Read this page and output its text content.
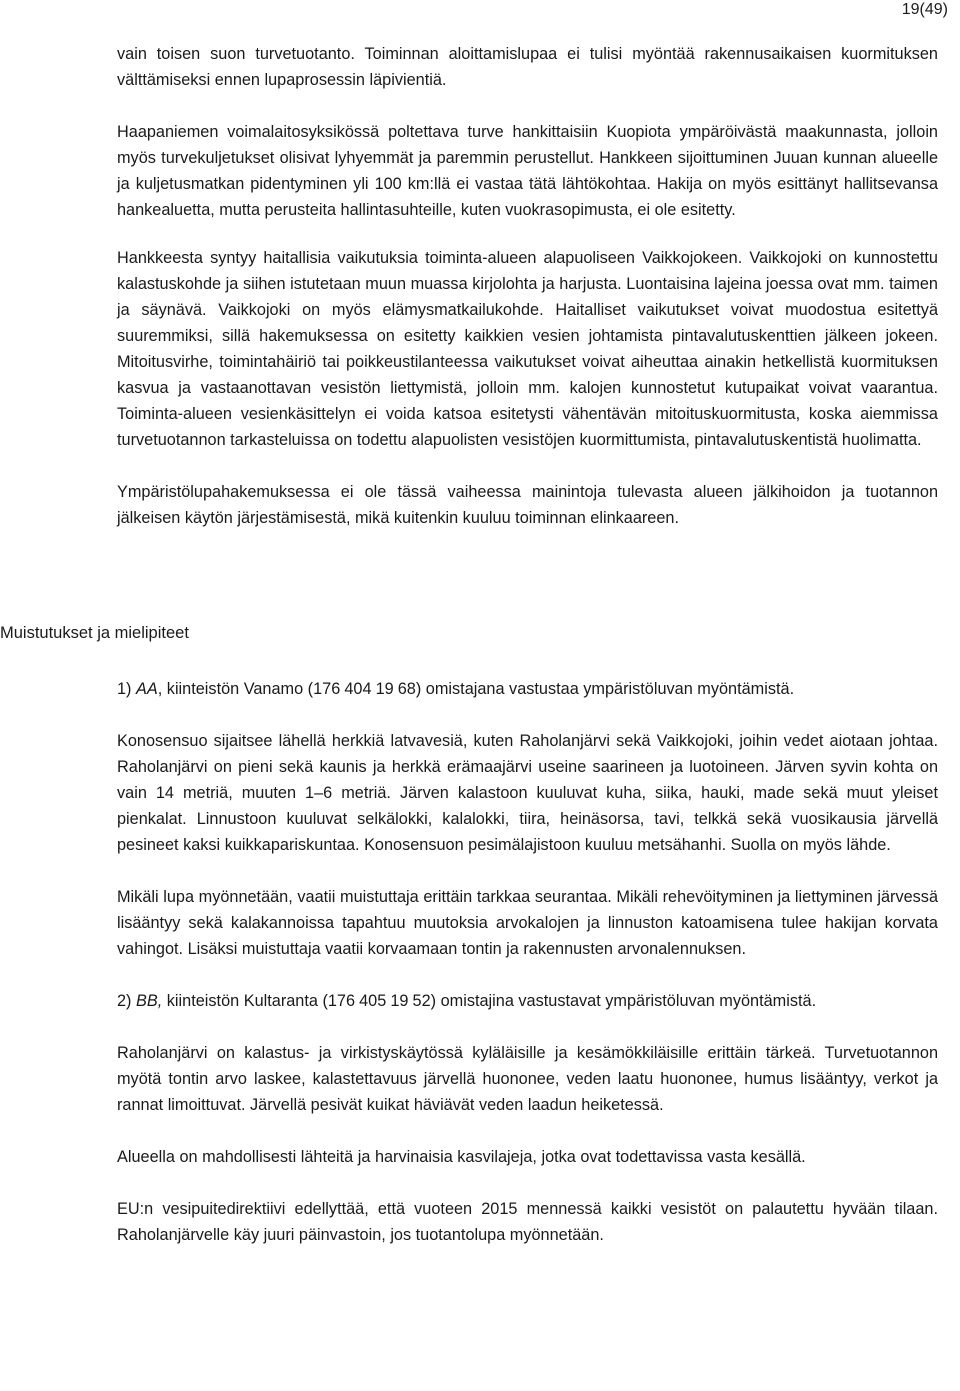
19(49)

vain toisen suon turvetuotanto. Toiminnan aloittamislupaa ei tulisi myöntää rakennusaikaisen kuormituksen välttämiseksi ennen lupaprosessin läpivientiä.

Haapaniemen voimalaitosyksikössä poltettava turve hankittaisiin Kuopiota ympäröivästä maakunnasta, jolloin myös turvekuljetukset olisivat lyhyemmät ja paremmin perustellut. Hankkeen sijoittuminen Juuan kunnan alueelle ja kuljetusmatkan pidentyminen yli 100 km:llä ei vastaa tätä lähtökohtaa. Hakija on myös esittänyt hallitsevansa hankealuetta, mutta perusteita hallintasuhteille, kuten vuokrasopimusta, ei ole esitetty.

Hankkeesta syntyy haitallisia vaikutuksia toiminta-alueen alapuoliseen Vaikkojokeen. Vaikkojoki on kunnostettu kalastuskohde ja siihen istutetaan muun muassa kirjolohta ja harjusta. Luontaisina lajeina joessa ovat mm. taimen ja säynävä. Vaikkojoki on myös elämysmatkailukohde. Haitalliset vaikutukset voivat muodostua esitettyä suuremmiksi, sillä hakemuksessa on esitetty kaikkien vesien johtamista pintavalutuskenttien jälkeen jokeen. Mitoitusvirhe, toimintahäiriö tai poikkeustilanteessa vaikutukset voivat aiheuttaa ainakin hetkellistä kuormituksen kasvua ja vastaanottavan vesistön liettymistä, jolloin mm. kalojen kunnostetut kutupaikat voivat vaarantua. Toiminta-alueen vesienkäsittelyn ei voida katsoa esitetysti vähentävän mitoituskuormitusta, koska aiemmissa turvetuotannon tarkasteluissa on todettu alapuolisten vesistöjen kuormittumista, pintavalutuskentistä huolimatta.

Ympäristölupahakemuksessa ei ole tässä vaiheessa mainintoja tulevasta alueen jälkihoidon ja tuotannon jälkeisen käytön järjestämisestä, mikä kuitenkin kuuluu toiminnan elinkaareen.

Muistutukset ja mielipiteet

1) AA, kiinteistön Vanamo (176 404 19 68) omistajana vastustaa ympäristöluvan myöntämistä.

Konosensuo sijaitsee lähellä herkkiä latvavesiä, kuten Raholanjärvi sekä Vaikkojoki, joihin vedet aiotaan johtaa. Raholanjärvi on pieni sekä kaunis ja herkkä erämaajärvi useine saarineen ja luotoineen. Järven syvin kohta on vain 14 metriä, muuten 1–6 metriä. Järven kalastoon kuuluvat kuha, siika, hauki, made sekä muut yleiset pienkalat. Linnustoon kuuluvat selkälokki, kalalokki, tiira, heinäsorsa, tavi, telkkä sekä vuosikausia järvellä pesineet kaksi kuikkapariskuntaa. Konosensuon pesimälajistoon kuuluu metsähanhi. Suolla on myös lähde.

Mikäli lupa myönnetään, vaatii muistuttaja erittäin tarkkaa seurantaa. Mikäli rehevöityminen ja liettyminen järvessä lisääntyy sekä kalakannoissa tapahtuu muutoksia arvokalojen ja linnuston katoamisena tulee hakijan korvata vahingot. Lisäksi muistuttaja vaatii korvaamaan tontin ja rakennusten arvonalennuksen.

2) BB, kiinteistön Kultaranta (176 405 19 52) omistajina vastustavat ympäristöluvan myöntämistä.

Raholanjärvi on kalastus- ja virkistyskäytössä kyläläisille ja kesämökkiläisille erittäin tärkeä. Turvetuotannon myötä tontin arvo laskee, kalastettavuus järvellä huononee, veden laatu huononee, humus lisääntyy, verkot ja rannat limoittuvat. Järvellä pesivät kuikat häviävät veden laadun heiketessä.

Alueella on mahdollisesti lähteitä ja harvinaisia kasvilajeja, jotka ovat todettavissa vasta kesällä.

EU:n vesipuitedirektiivi edellyttää, että vuoteen 2015 mennessä kaikki vesistöt on palautettu hyvään tilaan. Raholanjärvelle käy juuri päinvastoin, jos tuotantolupa myönnetään.
